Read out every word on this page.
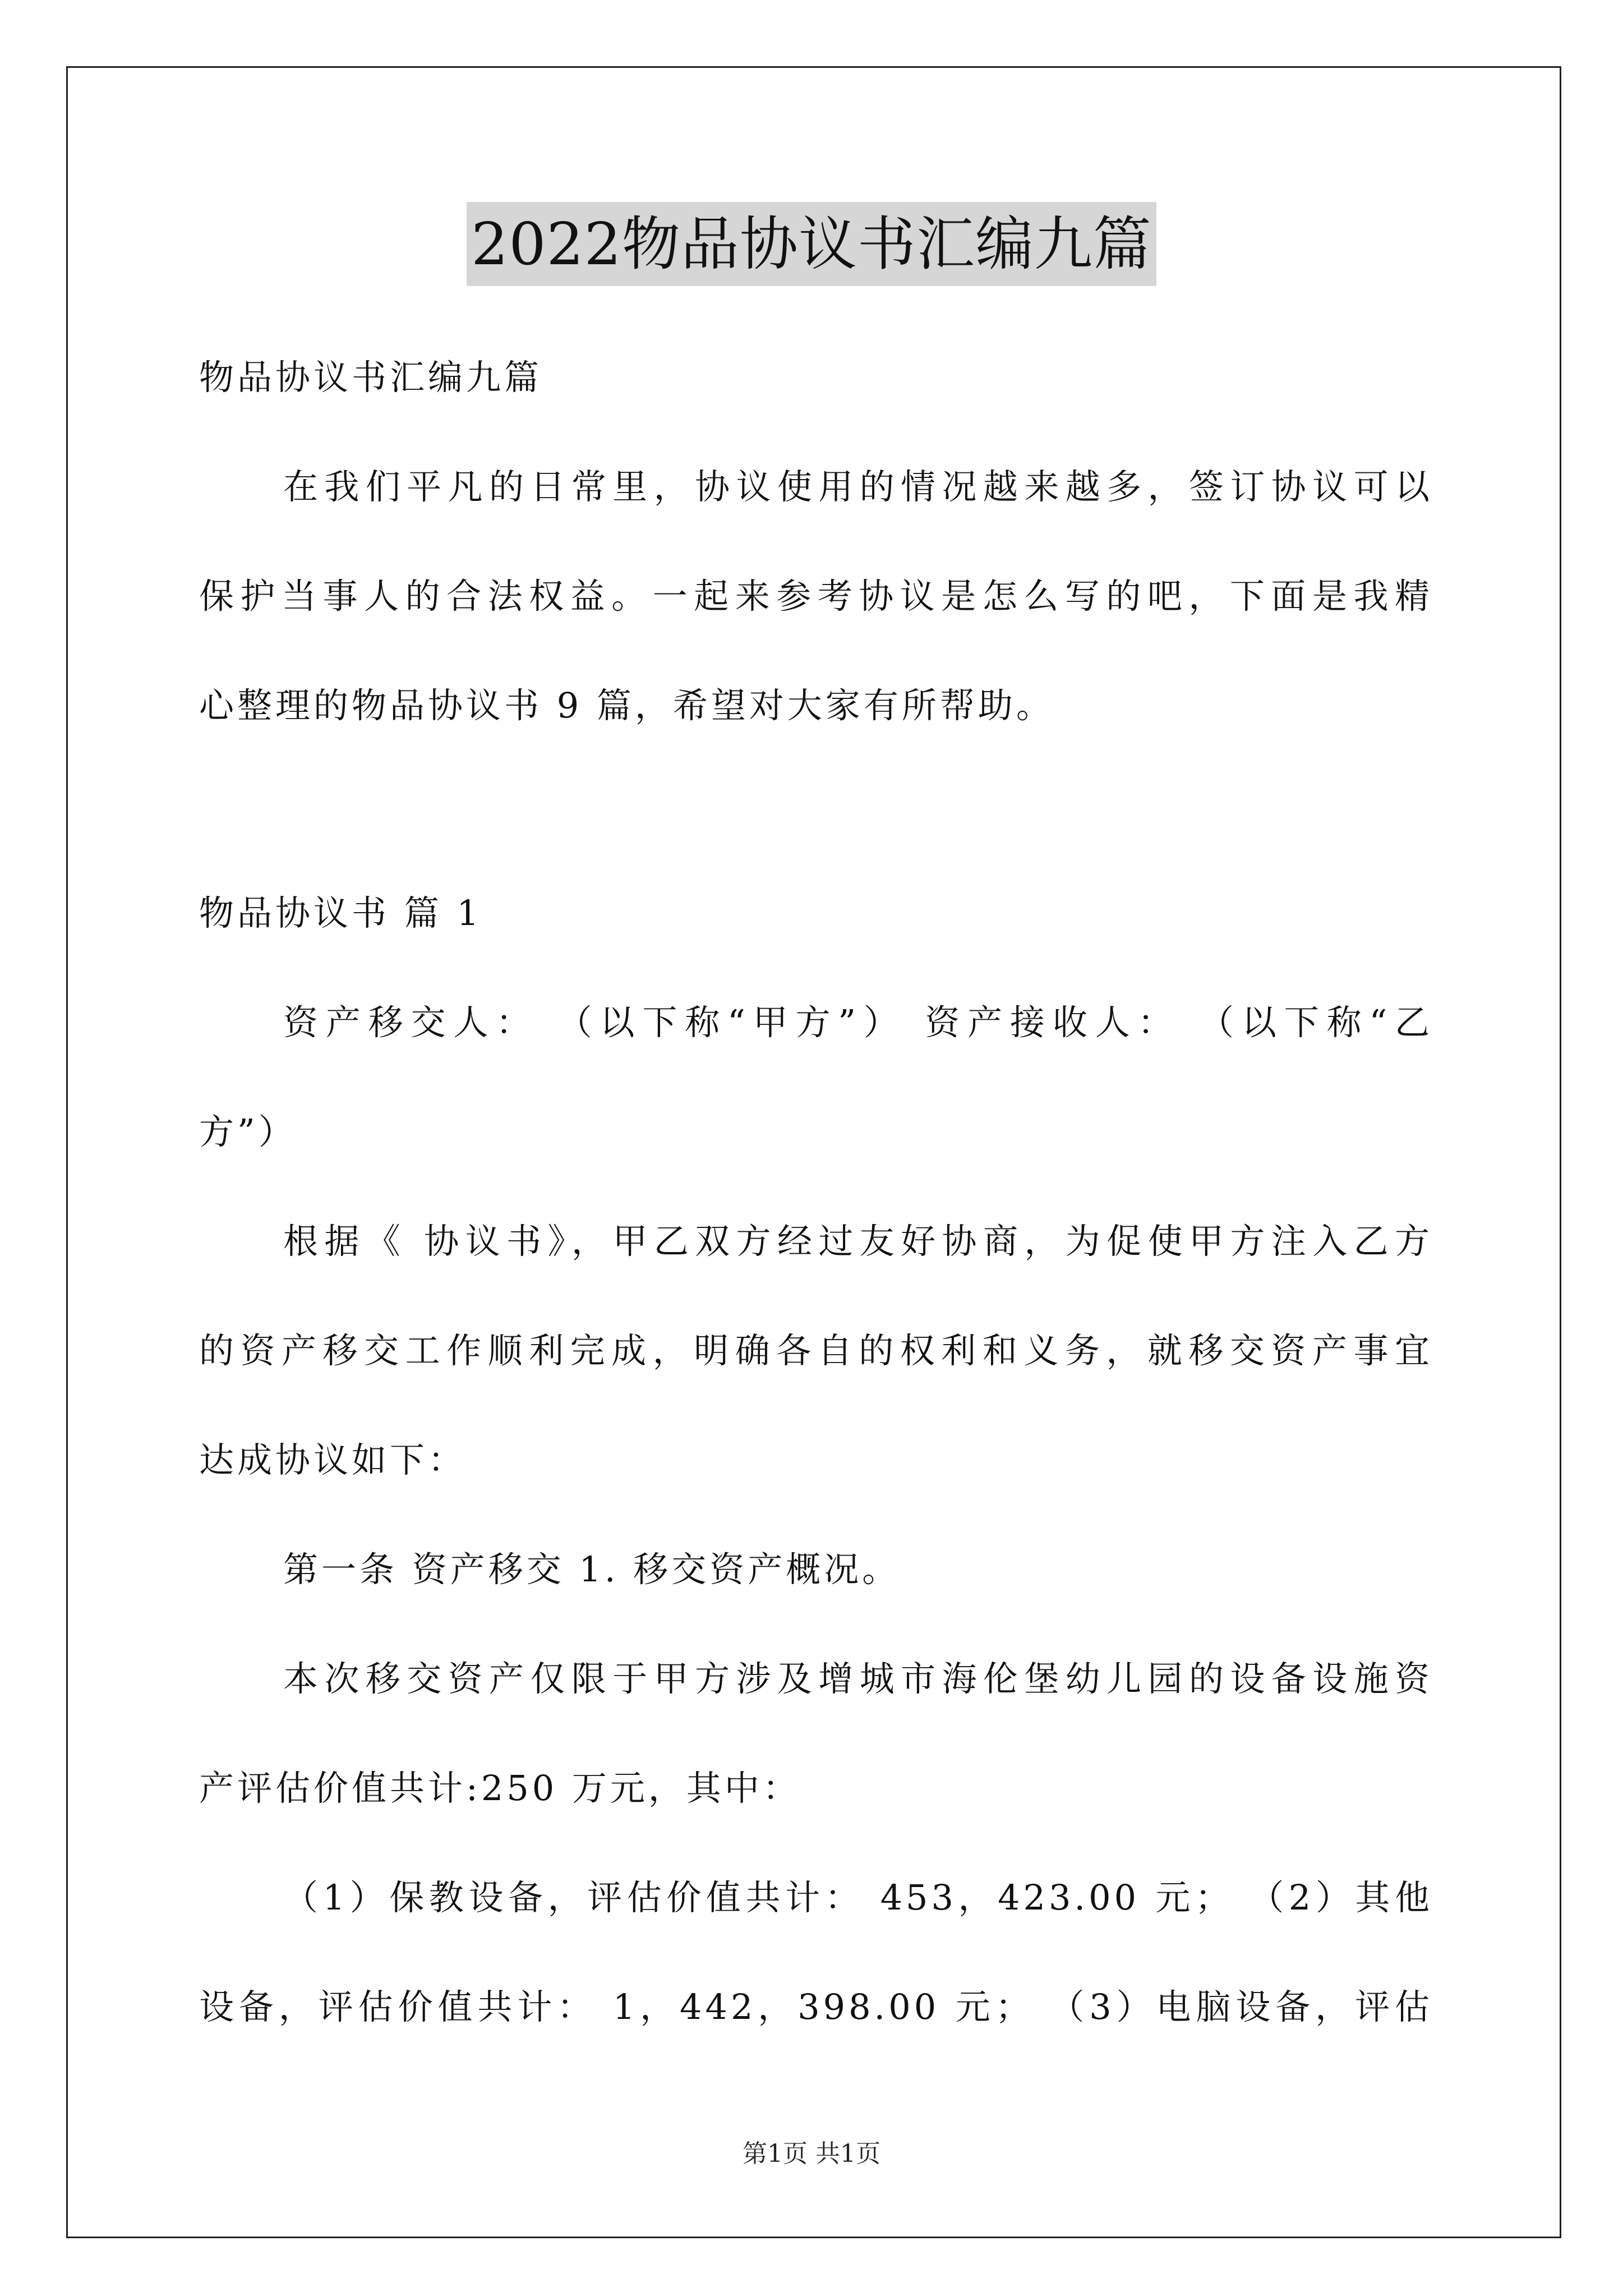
2022物品协议书汇编九篇
物品协议书汇编九篇
在我们平凡的日常里，协议使用的情况越来越多，签订协议可以
保护当事人的合法权益。一起来参考协议是怎么写的吧，下面是我精
心整理的物品协议书 9 篇，希望对大家有所帮助。
物品协议书 篇 1
资产移交人： （以下称“甲方”） 资产接收人： （以下称“乙
方”）
根据《 协议书》，甲乙双方经过友好协商，为促使甲方注入乙方
的资产移交工作顺利完成，明确各自的权利和义务，就移交资产事宜
达成协议如下：
第一条 资产移交 1. 移交资产概况。
本次移交资产仅限于甲方涉及增城市海伦堡幼儿园的设备设施资
产评估价值共计:250 万元，其中：
（1）保教设备，评估价值共计： 453，423.00 元； （2）其他
设备，评估价值共计： 1，442，398.00 元； （3）电脑设备，评估
第1页 共1页
